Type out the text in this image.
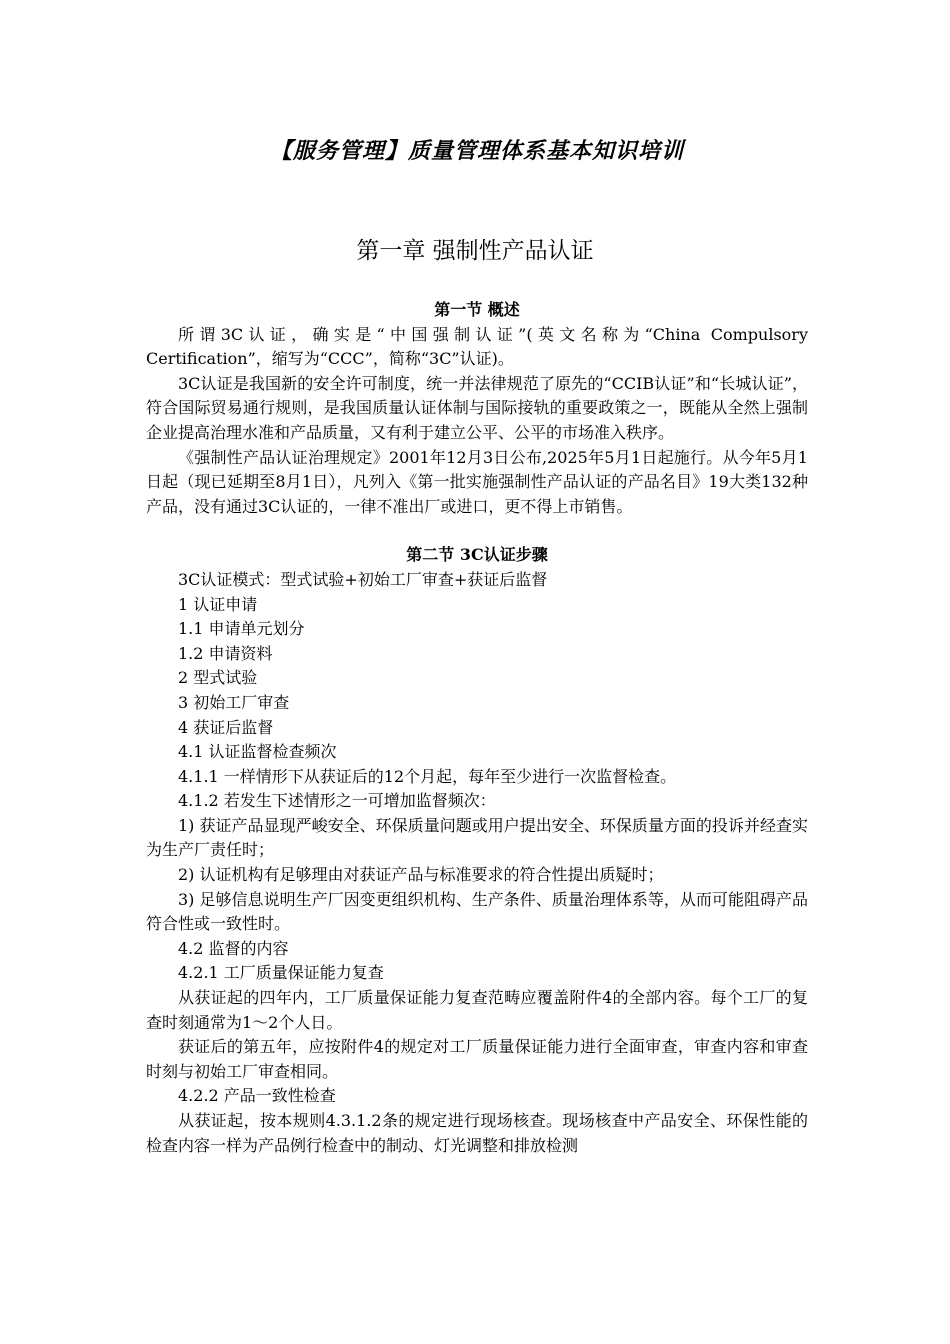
【服务管理】质量管理体系基本知识培训
第一章 强制性产品认证

第一节 概述

所谓3C认证，确实是“中国强制认证”(英文名称为“China Compulsory Certification”，缩写为“CCC”，简称“3C”认证)。

3C认证是我国新的安全许可制度，统一并法律规范了原先的“CCIB认证”和“长城认证”，符合国际贸易通行规则，是我国质量认证体制与国际接轨的重要政策之一，既能从全然上强制企业提高治理水准和产品质量，又有利于建立公平、公平的市场准入秩序。

《强制性产品认证治理规定》2001年12月3日公布,2025年5月1日起施行。从今年5月1日起（现已延期至8月1日），凡列入《第一批实施强制性产品认证的产品名目》19大类132种产品，没有通过3C认证的，一律不准出厂或进口，更不得上市销售。

第二节 3C认证步骤

3C认证模式：型式试验+初始工厂审查+获证后监督

1 认证申请

1.1 申请单元划分

1.2 申请资料

2 型式试验

3 初始工厂审查

4 获证后监督

4.1 认证监督检查频次

4.1.1 一样情形下从获证后的12个月起，每年至少进行一次监督检查。

4.1.2 若发生下述情形之一可增加监督频次：

1) 获证产品显现严峻安全、环保质量问题或用户提出安全、环保质量方面的投诉并经查实为生产厂责任时；

2) 认证机构有足够理由对获证产品与标准要求的符合性提出质疑时；

3) 足够信息说明生产厂因变更组织机构、生产条件、质量治理体系等，从而可能阻碍产品符合性或一致性时。

4.2 监督的内容

4.2.1 工厂质量保证能力复查

从获证起的四年内，工厂质量保证能力复查范畴应覆盖附件4的全部内容。每个工厂的复查时刻通常为1～2个人日。

获证后的第五年，应按附件4的规定对工厂质量保证能力进行全面审查，审查内容和审查时刻与初始工厂审查相同。

4.2.2 产品一致性检查

从获证起，按本规则4.3.1.2条的规定进行现场核查。现场核查中产品安全、环保性能的检查内容一样为产品例行检查中的制动、灯光调整和排放检测
